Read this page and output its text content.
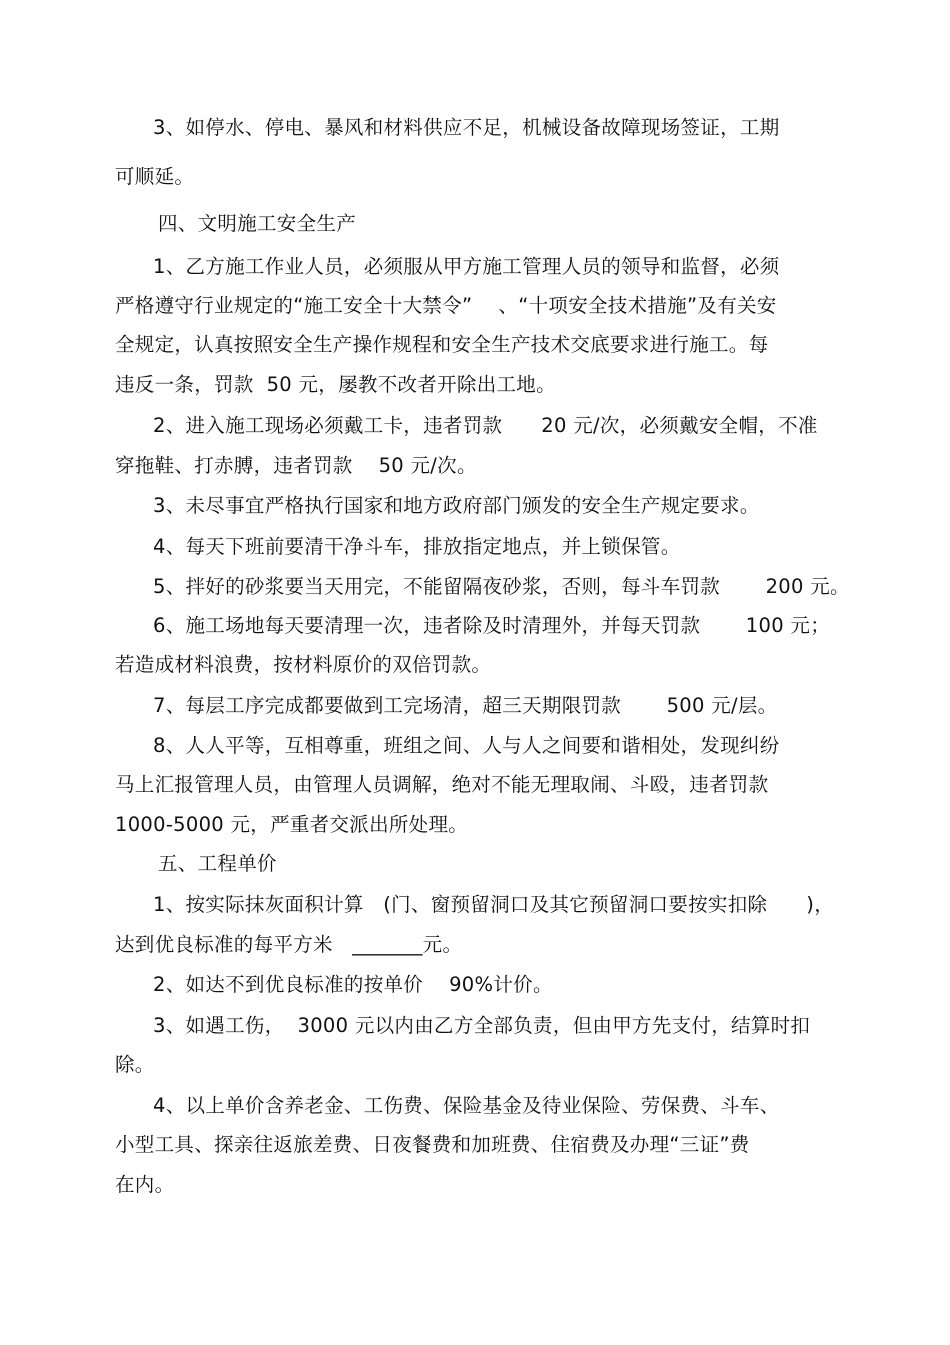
3、如停水、停电、暴风和材料供应不足，机械设备故障现场签证，工期
可顺延。
四、文明施工安全生产
1、乙方施工作业人员，必须服从甲方施工管理人员的领导和监督，必须
严格遵守行业规定的“施工安全十大禁令”    、“十项安全技术措施”及有关安
全规定，认真按照安全生产操作规程和安全生产技术交底要求进行施工。每
违反一条，罚款  50 元，屡教不改者开除出工地。
2、进入施工现场必须戴工卡，违者罚款      20 元/次，必须戴安全帽，不准
穿拖鞋、打赤膊，违者罚款    50 元/次。
3、未尽事宜严格执行国家和地方政府部门颁发的安全生产规定要求。
4、每天下班前要清干净斗车，排放指定地点，并上锁保管。
5、拌好的砂浆要当天用完，不能留隔夜砂浆，否则，每斗车罚款       200 元。
6、施工场地每天要清理一次，违者除及时清理外，并每天罚款       100 元；
若造成材料浪费，按材料原价的双倍罚款。
7、每层工序完成都要做到工完场清，超三天期限罚款       500 元/层。
8、人人平等，互相尊重，班组之间、人与人之间要和谐相处，发现纠纷
马上汇报管理人员，由管理人员调解，绝对不能无理取闹、斗殴，违者罚款
1000-5000 元，严重者交派出所处理。
五、工程单价
1、按实际抹灰面积计算   (门、窗预留洞口及其它预留洞口要按实扣除      )，
达到优良标准的每平方米   _______元。
2、如达不到优良标准的按单价    90%计价。
3、如遇工伤，  3000 元以内由乙方全部负责，但由甲方先支付，结算时扣
除。
4、以上单价含养老金、工伤费、保险基金及待业保险、劳保费、斗车、
小型工具、探亲往返旅差费、日夜餐费和加班费、住宿费及办理“三证”费
在内。
